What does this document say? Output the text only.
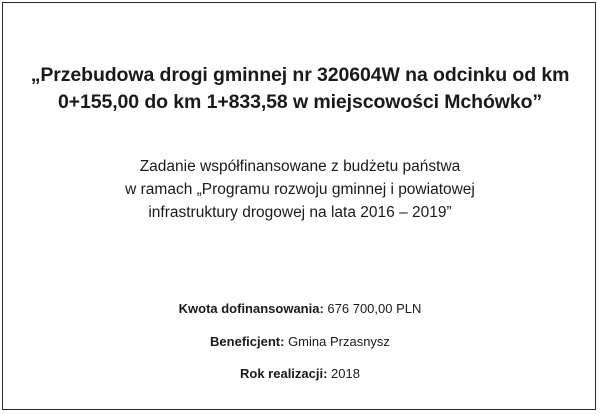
„Przebudowa drogi gminnej nr 320604W na odcinku od km
0+155,00 do km 1+833,58 w miejscowości Mchówko”
Zadanie współfinansowane z budżetu państwa
w ramach „Programu rozwoju gminnej i powiatowej
infrastruktury drogowej na lata 2016 – 2019”
Kwota dofinansowania: 676 700,00 PLN
Beneficjent: Gmina Przasnysz
Rok realizacji: 2018
